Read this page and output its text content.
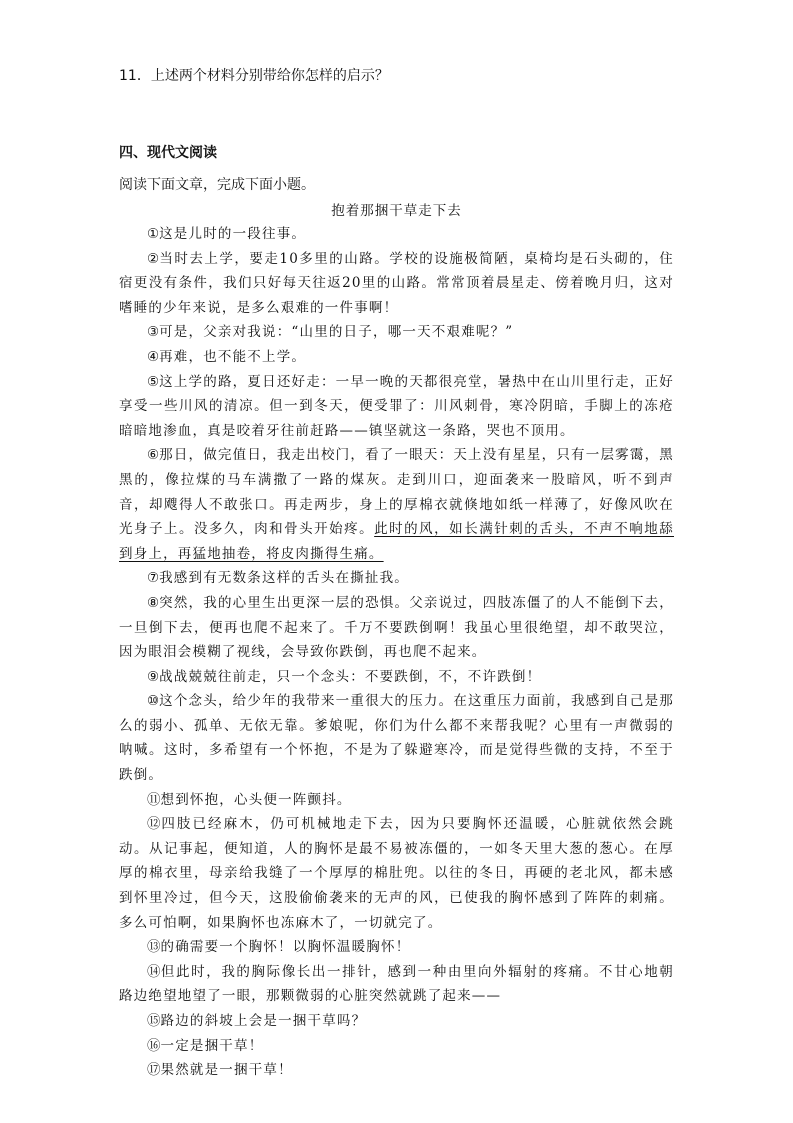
11．上述两个材料分别带给你怎样的启示？
四、现代文阅读
阅读下面文章，完成下面小题。
抱着那捆干草走下去

①这是儿时的一段往事。

②当时去上学，要走10多里的山路。学校的设施极简陋，桌椅均是石头砌的，住宿更没有条件，我们只好每天往返20里的山路。常常顶着晨星走、傍着晚月归，这对嗜睡的少年来说，是多么艰难的一件事啊！

③可是，父亲对我说：“山里的日子，哪一天不艰难呢？”

④再难，也不能不上学。

⑤这上学的路，夏日还好走：一早一晚的天都很亮堂，暑热中在山川里行走，正好享受一些川风的清凉。但一到冬天，便受罪了：川风刺骨，寒冷阴暗，手脚上的冻疮暗暗地渗血，真是咬着牙往前赶路——镇坚就这一条路，哭也不顶用。

⑥那日，做完值日，我走出校门，看了一眼天：天上没有星星，只有一层雾霭，黑黑的，像拉煤的马车满撒了一路的煤灰。走到川口，迎面袭来一股暗风，听不到声音，却飕得人不敢张口。再走两步，身上的厚棉衣就倏地如纸一样薄了，好像风吹在光身子上。没多久，肉和骨头开始疼。此时的风，如长满针刺的舌头，不声不响地舔到身上，再猛地抽卷，将皮肉撕得生痛。

⑦我感到有无数条这样的舌头在撕扯我。

⑧突然，我的心里生出更深一层的恐惧。父亲说过，四肢冻僵了的人不能倒下去，一旦倒下去，便再也爬不起来了。千万不要跌倒啊！我虽心里很绝望，却不敢哭泣，因为眼泪会模糊了视线，会导致你跌倒，再也爬不起来。

⑨战战兢兢往前走，只一个念头：不要跌倒，不，不许跌倒！

⑩这个念头，给少年的我带来一重很大的压力。在这重压力面前，我感到自己是那么的弱小、孤单、无依无靠。爹娘呢，你们为什么都不来帮我呢？心里有一声微弱的呐喊。这时，多希望有一个怀抱，不是为了躲避寒冷，而是觉得些微的支持，不至于跌倒。

⑪想到怀抱，心头便一阵颤抖。

⑫四肢已经麻木，仍可机械地走下去，因为只要胸怀还温暖，心脏就依然会跳动。从记事起，便知道，人的胸怀是最不易被冻僵的，一如冬天里大葱的葱心。在厚厚的棉衣里，母亲给我缝了一个厚厚的棉肚兜。以往的冬日，再硬的老北风，都未感到怀里冷过，但今天，这股偷偷袭来的无声的风，已使我的胸怀感到了阵阵的刺痛。多么可怕啊，如果胸怀也冻麻木了，一切就完了。

⑬的确需要一个胸怀！以胸怀温暖胸怀！

⑭但此时，我的胸际像长出一排针，感到一种由里向外辐射的疼痛。不甘心地朝路边绝望地望了一眼，那颗微弱的心脏突然就跳了起来——

⑮路边的斜坡上会是一捆干草吗？

⑯一定是捆干草！

⑰果然就是一捆干草！
